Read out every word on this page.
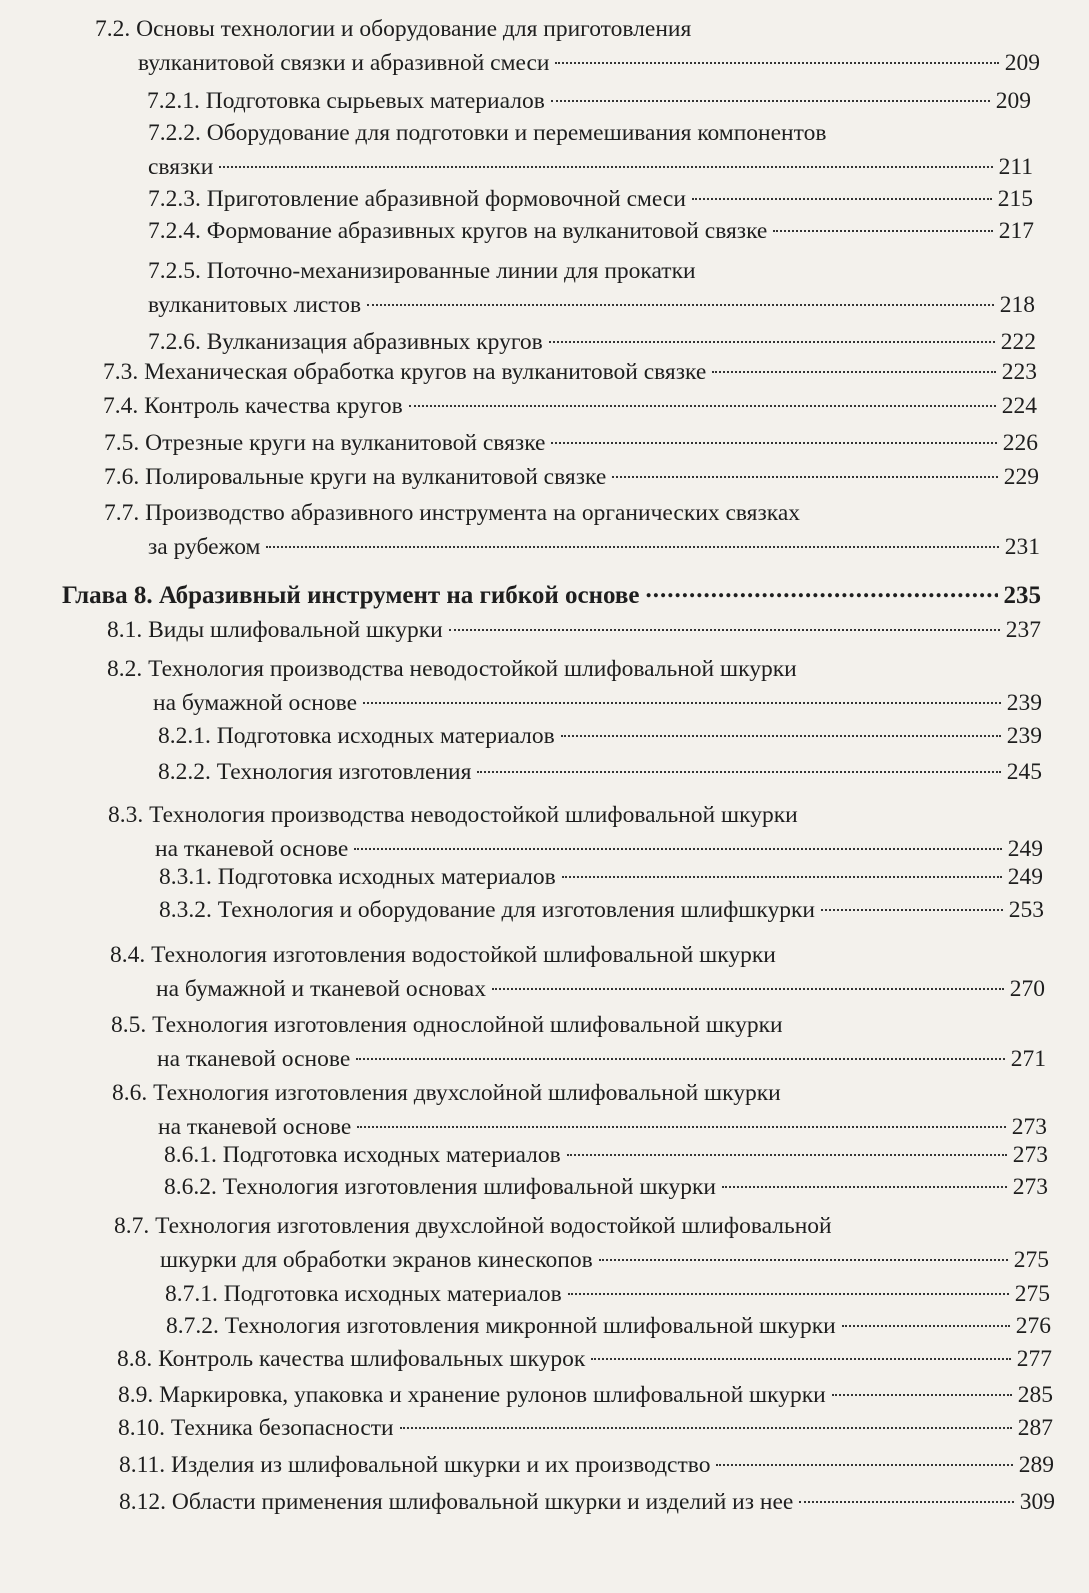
7.2. Основы технологии и оборудование для приготовления
вулканитовой связки и абразивной смеси	209
7.2.1. Подготовка сырьевых материалов	209
7.2.2. Оборудование для подготовки и перемешивания компонентов
связки	211
7.2.3. Приготовление абразивной формовочной смеси	215
7.2.4. Формование абразивных кругов на вулканитовой связке	217
7.2.5. Поточно-механизированные линии для прокатки
вулканитовых листов	218
7.2.6. Вулканизация абразивных кругов	222
7.3. Механическая обработка кругов на вулканитовой связке	223
7.4. Контроль качества кругов	224
7.5. Отрезные круги на вулканитовой связке	226
7.6. Полировальные круги на вулканитовой связке	229
7.7. Производство абразивного инструмента на органических связках
за рубежом	231
Глава 8. Абразивный инструмент на гибкой основе .....	235
8.1. Виды шлифовальной шкурки	237
8.2. Технология производства неводостойкой шлифовальной шкурки
на бумажной основе	239
8.2.1. Подготовка исходных материалов	239
8.2.2. Технология изготовления	245
8.3. Технология производства неводостойкой шлифовальной шкурки
на тканевой основе	249
8.3.1. Подготовка исходных материалов	249
8.3.2. Технология и оборудование для изготовления шлифшкурки	253
8.4. Технология изготовления водостойкой шлифовальной шкурки
на бумажной и тканевой основах	270
8.5. Технология изготовления однослойной шлифовальной шкурки
на тканевой основе	271
8.6. Технология изготовления двухслойной шлифовальной шкурки
на тканевой основе	273
8.6.1. Подготовка исходных материалов	273
8.6.2. Технология изготовления шлифовальной шкурки	273
8.7. Технология изготовления двухслойной водостойкой шлифовальной
шкурки для обработки экранов кинескопов	275
8.7.1. Подготовка исходных материалов	275
8.7.2. Технология изготовления микронной шлифовальной шкурки	276
8.8. Контроль качества шлифовальных шкурок	277
8.9. Маркировка, упаковка и хранение рулонов шлифовальной шкурки	285
8.10. Техника безопасности	287
8.11. Изделия из шлифовальной шкурки и их производство	289
8.12. Области применения шлифовальной шкурки и изделий из нее	309
